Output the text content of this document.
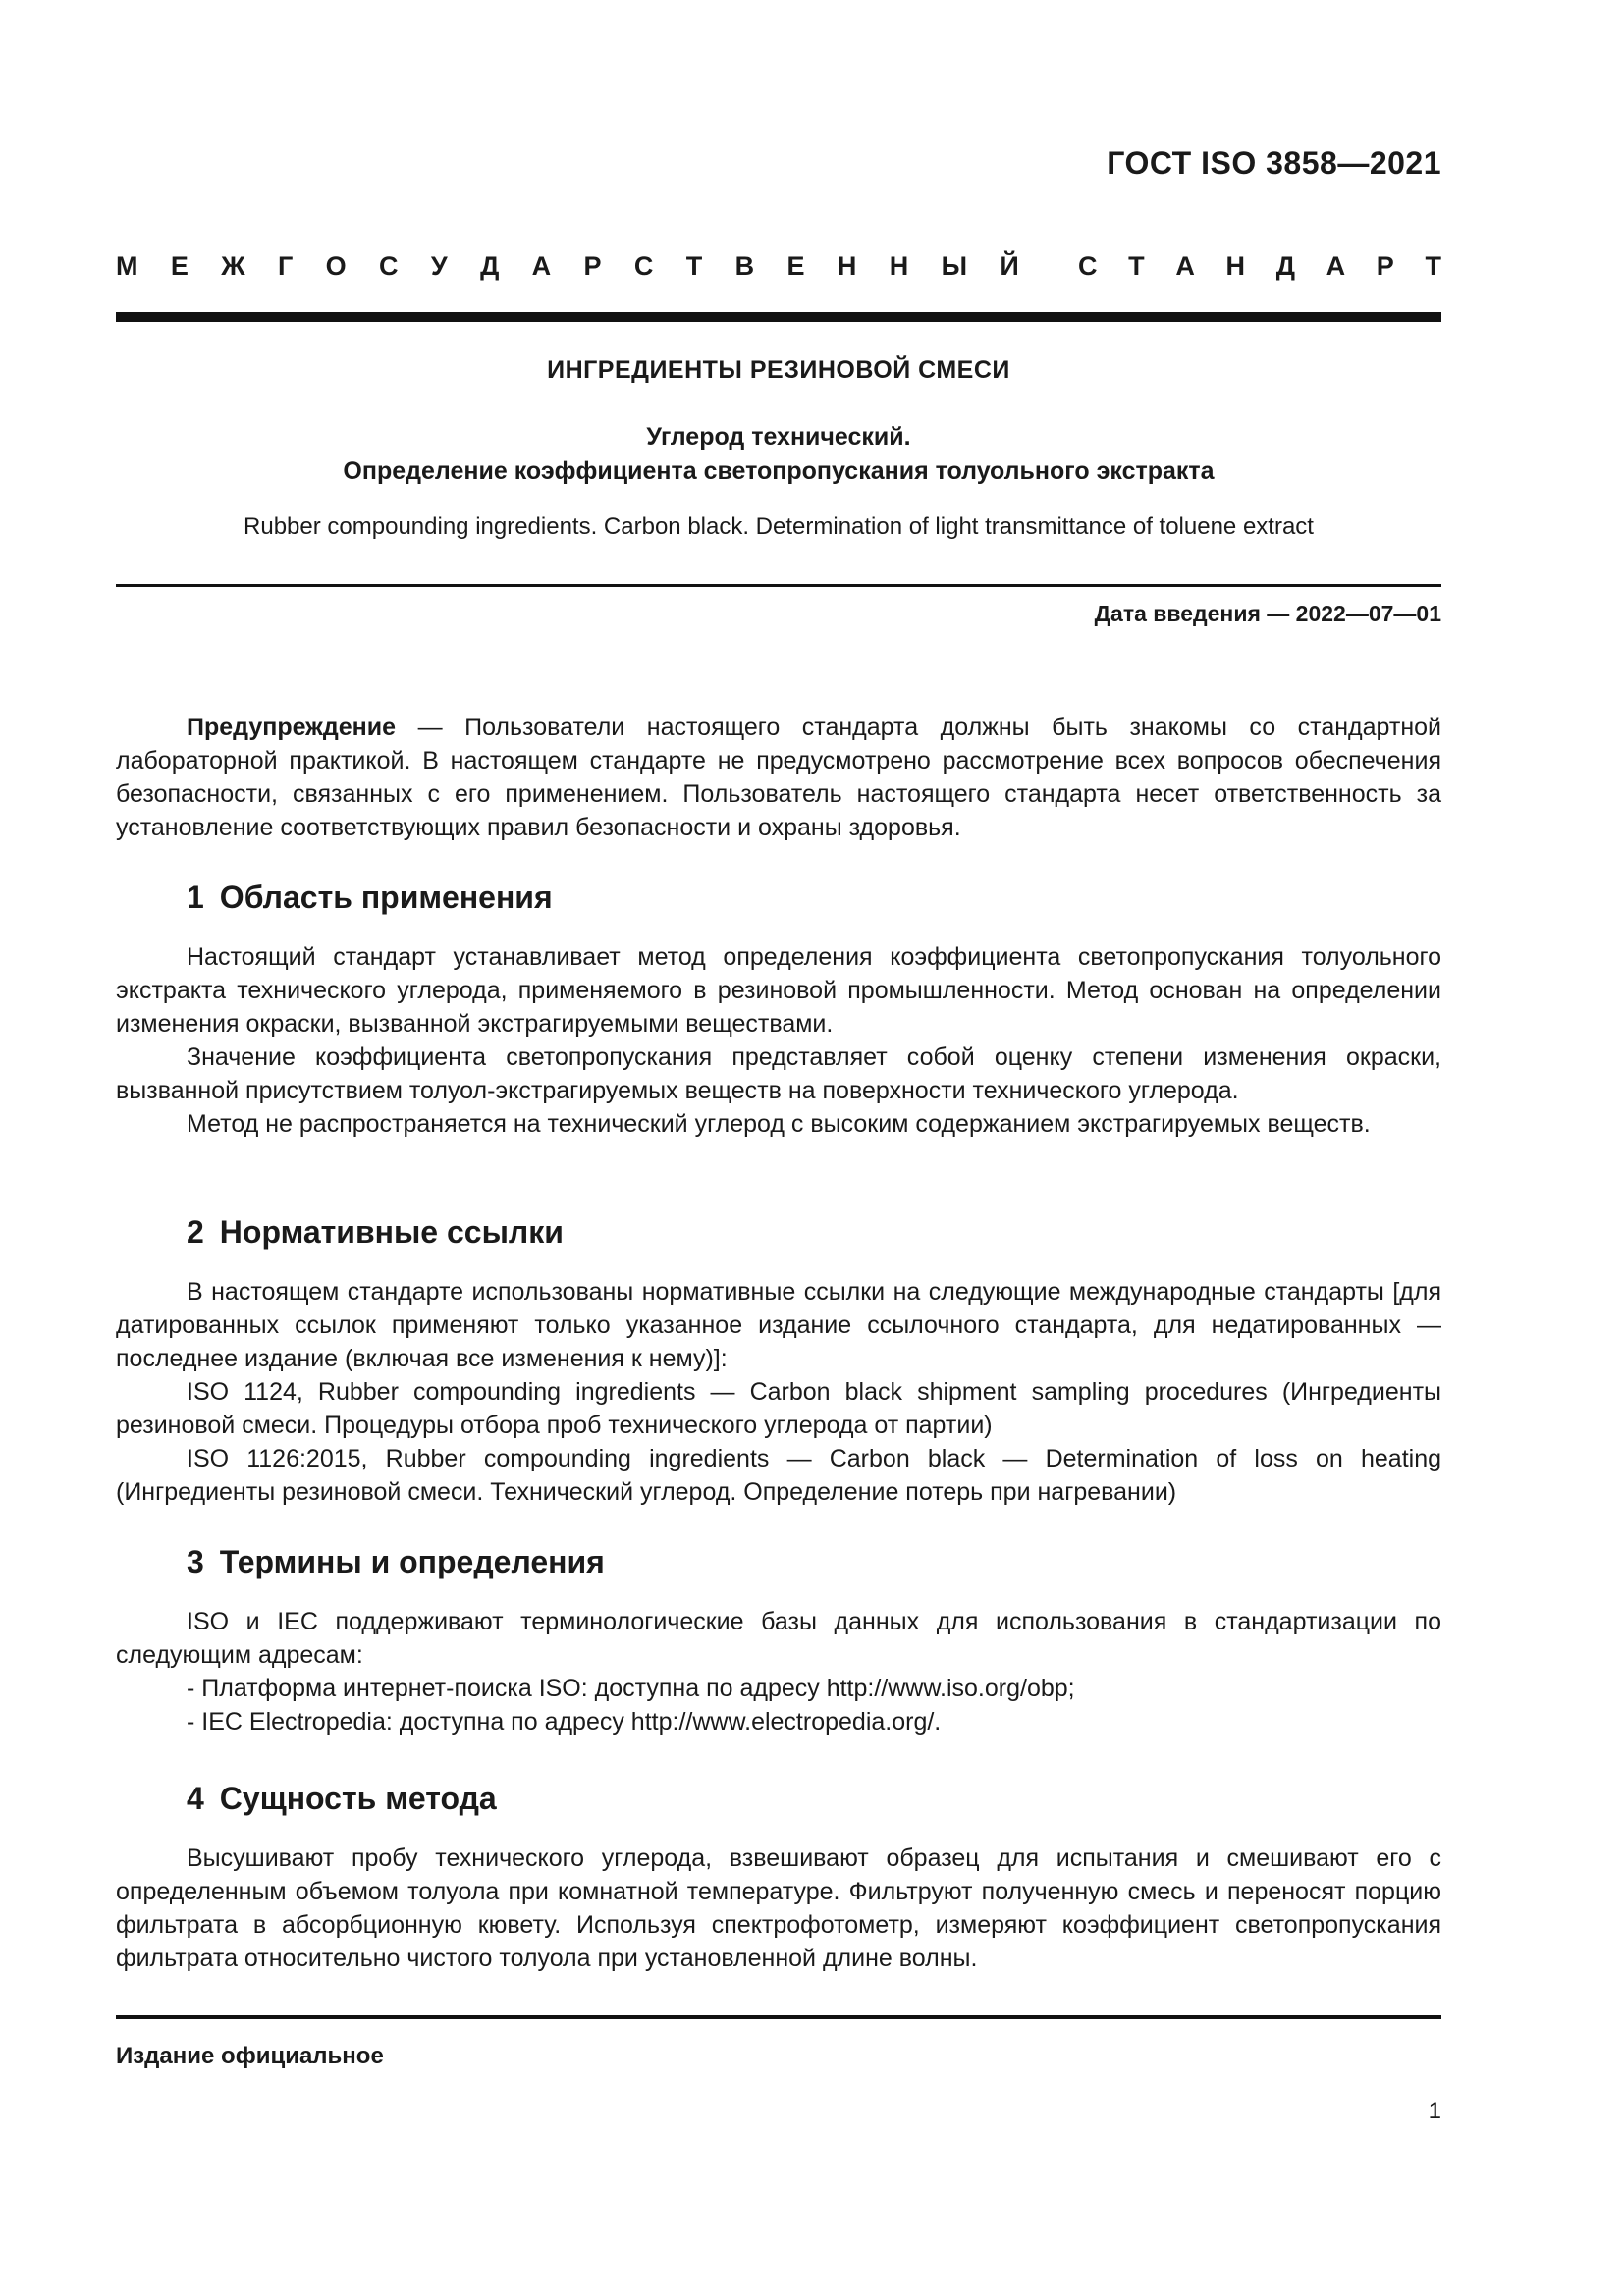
ГОСТ ISO 3858—2021
М Е Ж Г О С У Д А Р С Т В Е Н Н Ы Й С Т А Н Д А Р Т
ИНГРЕДИЕНТЫ РЕЗИНОВОЙ СМЕСИ
Углерод технический.
Определение коэффициента светопропускания толуольного экстракта
Rubber compounding ingredients. Carbon black. Determination of light transmittance of toluene extract
Дата введения — 2022—07—01

Предупреждение — Пользователи настоящего стандарта должны быть знакомы со стандартной лабораторной практикой. В настоящем стандарте не предусмотрено рассмотрение всех вопросов обеспечения безопасности, связанных с его применением. Пользователь настоящего стандарта несет ответственность за установление соответствующих правил безопасности и охраны здоровья.

1 Область применения

Настоящий стандарт устанавливает метод определения коэффициента светопропускания толуольного экстракта технического углерода, применяемого в резиновой промышленности. Метод основан на определении изменения окраски, вызванной экстрагируемыми веществами.

Значение коэффициента светопропускания представляет собой оценку степени изменения окраски, вызванной присутствием толуол-экстрагируемых веществ на поверхности технического углерода.

Метод не распространяется на технический углерод с высоким содержанием экстрагируемых веществ.

2 Нормативные ссылки

В настоящем стандарте использованы нормативные ссылки на следующие международные стандарты [для датированных ссылок применяют только указанное издание ссылочного стандарта, для недатированных — последнее издание (включая все изменения к нему)]:

ISO 1124, Rubber compounding ingredients — Carbon black shipment sampling procedures (Ингредиенты резиновой смеси. Процедуры отбора проб технического углерода от партии)

ISO 1126:2015, Rubber compounding ingredients — Carbon black — Determination of loss on heating (Ингредиенты резиновой смеси. Технический углерод. Определение потерь при нагревании)

3 Термины и определения

ISO и IEC поддерживают терминологические базы данных для использования в стандартизации по следующим адресам:

- Платформа интернет-поиска ISO: доступна по адресу http://www.iso.org/obp;

- IEC Electropedia: доступна по адресу http://www.electropedia.org/.

4 Сущность метода

Высушивают пробу технического углерода, взвешивают образец для испытания и смешивают его с определенным объемом толуола при комнатной температуре. Фильтруют полученную смесь и переносят порцию фильтрата в абсорбционную кювету. Используя спектрофотометр, измеряют коэффициент светопропускания фильтрата относительно чистого толуола при установленной длине волны.

Издание официальное
1
